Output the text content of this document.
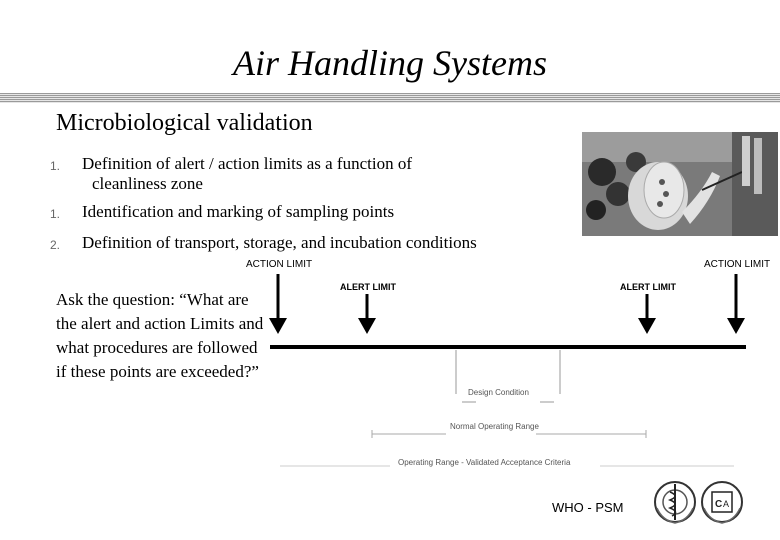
Air Handling Systems
Microbiological validation
1. Definition of alert / action limits as a function of
cleanliness zone
1. Identification and marking of sampling points
2. Definition of transport, storage, and incubation conditions
Ask the question: “What are the alert and action Limits and what procedures are followed if these points are exceeded?”
ACTION LIMIT
ALERT LIMIT	ALERT LIMIT
ACTION LIMIT
Design Condition
Normal Operating Range
Operating Range - Validated Acceptance Criteria
WHO - PSM	C A
